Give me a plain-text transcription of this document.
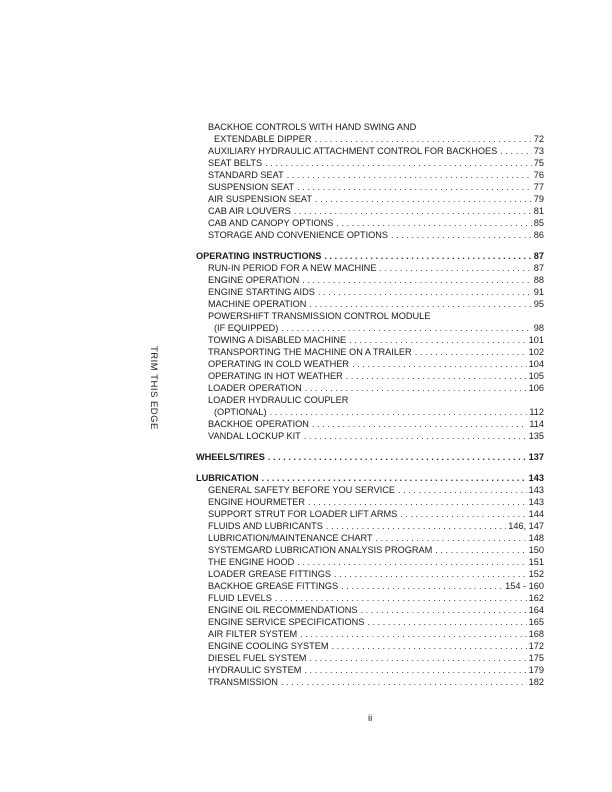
TRIM THIS EDGE
BACKHOE CONTROLS WITH HAND SWING AND
EXTENDABLE DIPPER . . .	72
AUXILIARY HYDRAULIC ATTACHMENT CONTROL FOR BACKHOES . . .	73
SEAT BELTS . . .	75
STANDARD SEAT . . .	76
SUSPENSION SEAT . . .	77
AIR SUSPENSION SEAT . . .	79
CAB AIR LOUVERS . . .	81
CAB AND CANOPY OPTIONS . . .	85
STORAGE AND CONVENIENCE OPTIONS . . .	86
OPERATING INSTRUCTIONS . . .	87
RUN-IN PERIOD FOR A NEW MACHINE . . .	87
ENGINE OPERATION . . .	88
ENGINE STARTING AIDS . . .	91
MACHINE OPERATION . . .	95
POWERSHIFT TRANSMISSION CONTROL MODULE
(IF EQUIPPED) . . .	98
TOWING A DISABLED MACHINE . . .	101
TRANSPORTING THE MACHINE ON A TRAILER . . .	102
OPERATING IN COLD WEATHER . . .	104
OPERATING IN HOT WEATHER . . .	105
LOADER OPERATION . . .	106
LOADER HYDRAULIC COUPLER
(OPTIONAL) . . .	112
BACKHOE OPERATION . . .	114
VANDAL LOCKUP KIT . . .	135
WHEELS/TIRES . . .	137
LUBRICATION . . .	143
GENERAL SAFETY BEFORE YOU SERVICE . . .	143
ENGINE HOURMETER . . .	143
SUPPORT STRUT FOR LOADER LIFT ARMS . . .	144
FLUIDS AND LUBRICANTS . . .	146, 147
LUBRICATION/MAINTENANCE CHART . . .	148
SYSTEMGARD LUBRICATION ANALYSIS PROGRAM . . .	150
THE ENGINE HOOD . . .	151
LOADER GREASE FITTINGS . . .	152
BACKHOE GREASE FITTINGS . . .	154 - 160
FLUID LEVELS . . .	162
ENGINE OIL RECOMMENDATIONS . . .	164
ENGINE SERVICE SPECIFICATIONS . . .	165
AIR FILTER SYSTEM . . .	168
ENGINE COOLING SYSTEM . . .	172
DIESEL FUEL SYSTEM . . .	175
HYDRAULIC SYSTEM . . .	179
TRANSMISSION . . .	182
ii
